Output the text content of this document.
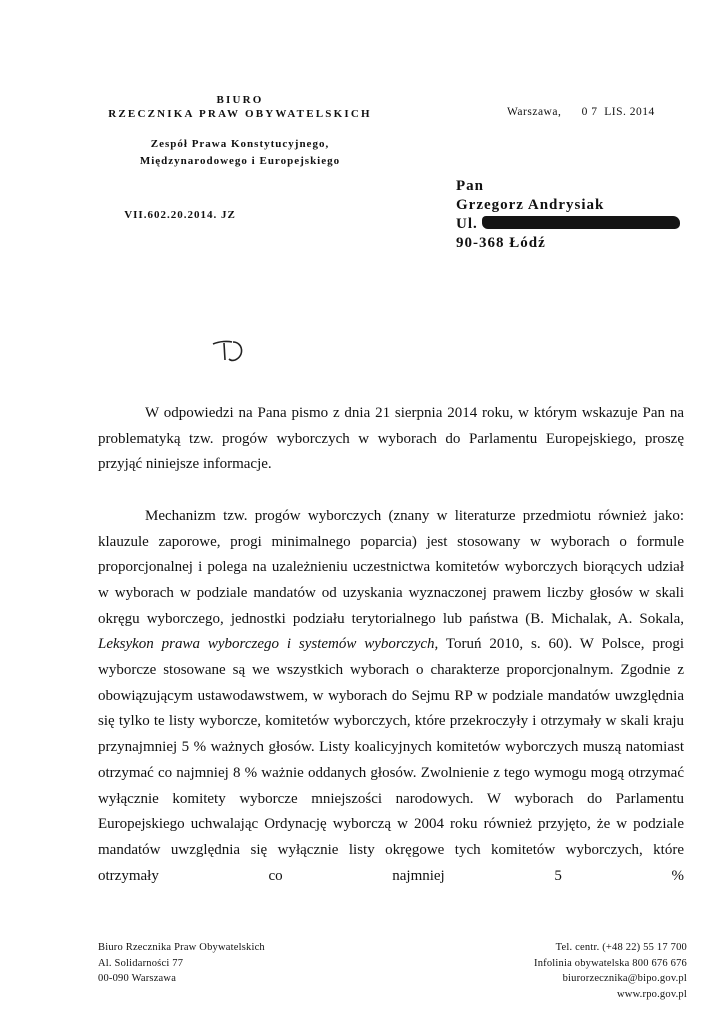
BIURO
RZECZNIKA PRAW OBYWATELSKICH
Zespół Prawa Konstytucyjnego,
Międzynarodowego i Europejskiego
VII.602.20.2014. JZ
Warszawa, 0 7  LIS. 2014
Pan
Grzegorz Andrysiak
Ul.
90-368 Łódź

W odpowiedzi na Pana pismo z dnia 21 sierpnia 2014 roku, w którym wskazuje Pan na problematyką tzw. progów wyborczych w wyborach do Parlamentu Europejskiego, proszę przyjąć niniejsze informacje.

Mechanizm tzw. progów wyborczych (znany w literaturze przedmiotu również jako: klauzule zaporowe, progi minimalnego poparcia) jest stosowany w wyborach o formule proporcjonalnej i polega na uzależnieniu uczestnictwa komitetów wyborczych biorących udział w wyborach w podziale mandatów od uzyskania wyznaczonej prawem liczby głosów w skali okręgu wyborczego, jednostki podziału terytorialnego lub państwa (B. Michalak, A. Sokala, Leksykon prawa wyborczego i systemów wyborczych, Toruń 2010, s. 60). W Polsce, progi wyborcze stosowane są we wszystkich wyborach o charakterze proporcjonalnym. Zgodnie z obowiązującym ustawodawstwem, w wyborach do Sejmu RP w podziale mandatów uwzględnia się tylko te listy wyborcze, komitetów wyborczych, które przekroczyły i otrzymały w skali kraju przynajmniej 5 % ważnych głosów. Listy koalicyjnych komitetów wyborczych muszą natomiast otrzymać co najmniej 8 % ważnie oddanych głosów. Zwolnienie z tego wymogu mogą otrzymać wyłącznie komitety wyborcze mniejszości narodowych. W wyborach do Parlamentu Europejskiego uchwalając Ordynację wyborczą w 2004 roku również przyjęto, że w podziale mandatów uwzględnia się wyłącznie listy okręgowe tych komitetów wyborczych, które otrzymały co najmniej 5 %

Biuro Rzecznika Praw Obywatelskich
Al. Solidarności 77
00-090 Warszawa
Tel. centr. (+48 22) 55 17 700
Infolinia obywatelska 800 676 676
biurorzecznika@bipo.gov.pl
www.rpo.gov.pl
